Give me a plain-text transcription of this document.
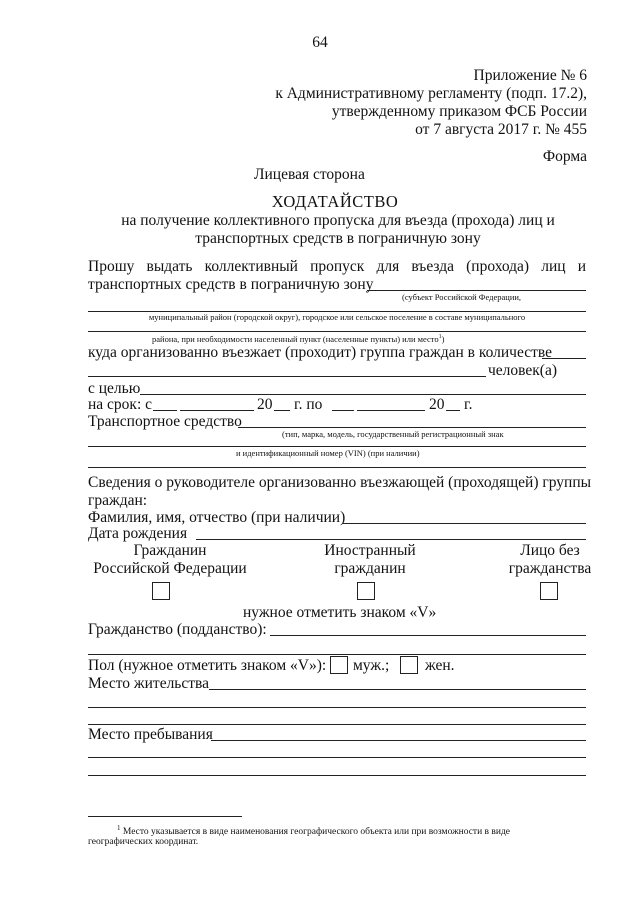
64
Приложение № 6
к Административному регламенту (подп. 17.2),
утвержденному приказом ФСБ России
от 7 августа 2017 г. № 455
Форма
Лицевая сторона
ХОДАТАЙСТВО
на получение коллективного пропуска для въезда (прохода) лиц и
транспортных средств в пограничную зону
Прошу выдать коллективный пропуск для въезда (прохода) лиц и
транспортных средств в пограничную зону
(субъект Российской Федерации,
муниципальный район (городской округ), городское или сельское поселение в составе муниципального
района, при необходимости населенный пункт (населенные пункты) или место$^1$)
куда организованно въезжает (проходит) группа граждан в количестве
человек(а)
с целью
на срок: с	20 г. по	20 г.
Транспортное средство
(тип, марка, модель, государственный регистрационный знак
и идентификационный номер (VIN) (при наличии)
Сведения о руководителе организованно въезжающей (проходящей) группы
граждан:
Фамилия, имя, отчество (при наличии)
Дата рождения
Гражданин
Российской Федерации
Иностранный
гражданин
Лицо без
гражданства
нужное отметить знаком «V»
Гражданство (подданство):
Пол (нужное отметить знаком «V»): муж.; жен.
Место жительства
Место пребывания
$^1$ Место указывается в виде наименования географического объекта или при возможности в виде
географических координат.
